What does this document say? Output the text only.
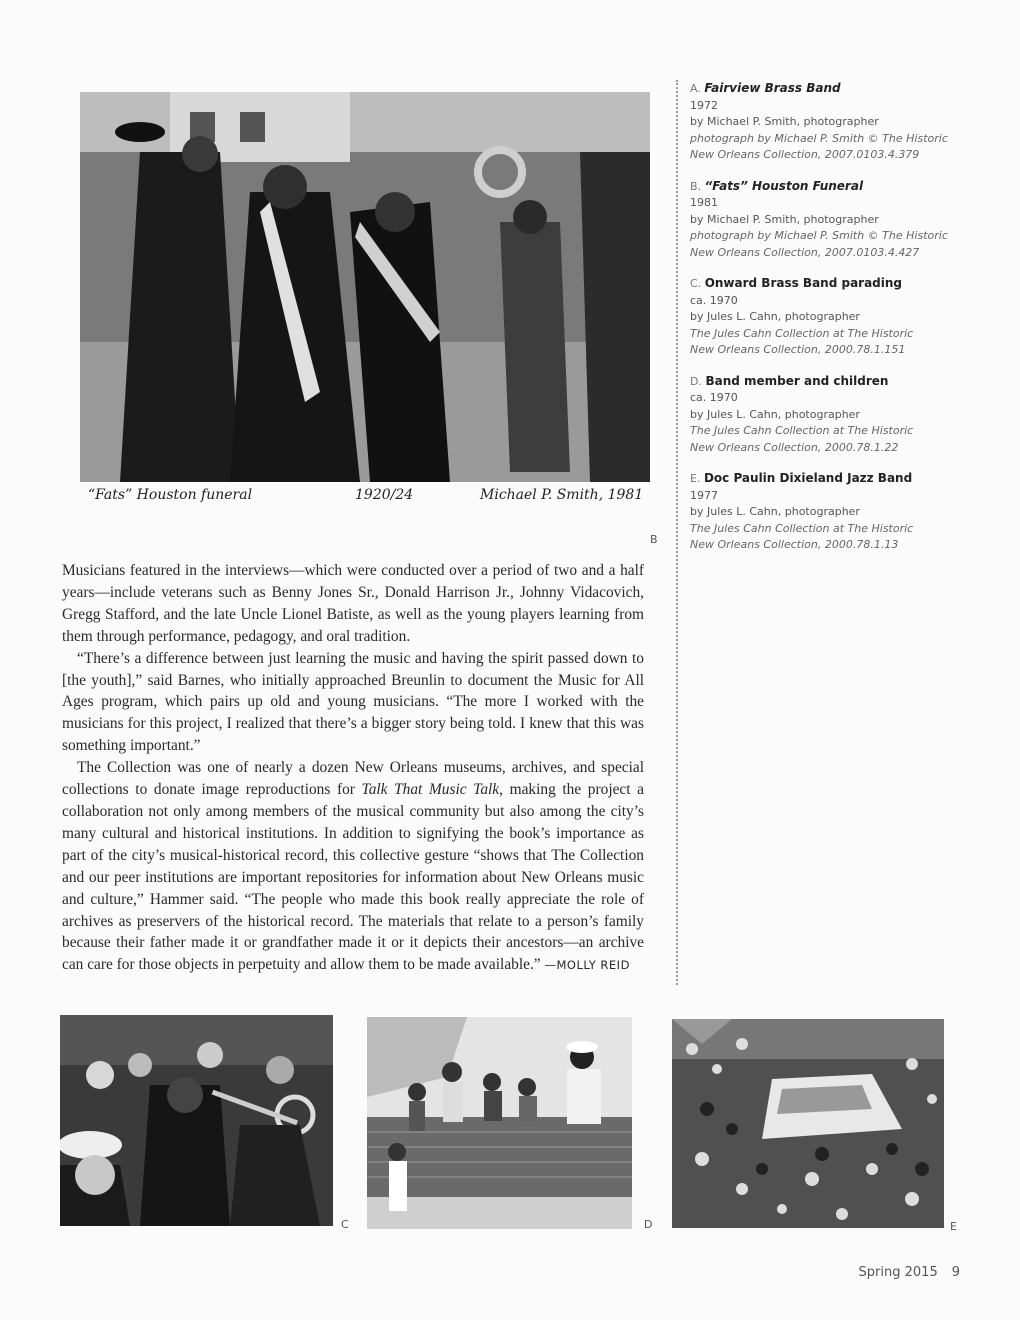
“Fats” Houston funeral	1920/24	Michael P. Smith, 1981
B
A. Fairview Brass Band
1972
by Michael P. Smith, photographer
photograph by Michael P. Smith © The Historic
New Orleans Collection, 2007.0103.4.379
B. “Fats” Houston Funeral
1981
by Michael P. Smith, photographer
photograph by Michael P. Smith © The Historic
New Orleans Collection, 2007.0103.4.427
C. Onward Brass Band parading
ca. 1970
by Jules L. Cahn, photographer
The Jules Cahn Collection at The Historic
New Orleans Collection, 2000.78.1.151
D. Band member and children
ca. 1970
by Jules L. Cahn, photographer
The Jules Cahn Collection at The Historic
New Orleans Collection, 2000.78.1.22
E. Doc Paulin Dixieland Jazz Band
1977
by Jules L. Cahn, photographer
The Jules Cahn Collection at The Historic
New Orleans Collection, 2000.78.1.13

Musicians featured in the interviews—which were conducted over a period of two and a half years—include veterans such as Benny Jones Sr., Donald Harrison Jr., Johnny Vidacovich, Gregg Stafford, and the late Uncle Lionel Batiste, as well as the young players learning from them through performance, pedagogy, and oral tradition.

“There’s a difference between just learning the music and having the spirit passed down to [the youth],” said Barnes, who initially approached Breunlin to document the Music for All Ages program, which pairs up old and young musicians. “The more I worked with the musicians for this project, I realized that there’s a bigger story being told. I knew that this was something important.”

The Collection was one of nearly a dozen New Orleans museums, archives, and special collections to donate image reproductions for Talk That Music Talk, making the project a collaboration not only among members of the musical community but also among the city’s many cultural and historical institutions. In addition to signifying the book’s importance as part of the city’s musical-historical record, this collective gesture “shows that The Collection and our peer institutions are important repositories for information about New Orleans music and culture,” Hammer said. “The people who made this book really appreciate the role of archives as preservers of the historical record. The materials that relate to a person’s family because their father made it or grandfather made it or it depicts their ancestors—an archive can care for those objects in perpetuity and allow them to be made available.” —MOLLY REID

C	D	E
Spring 2015 9
